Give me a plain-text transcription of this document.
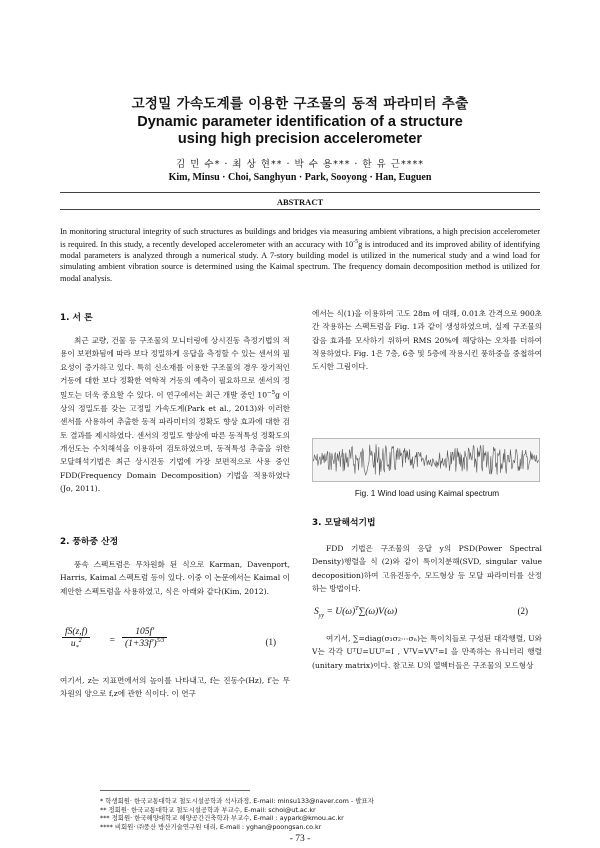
고정밀 가속도계를 이용한 구조물의 동적 파라미터 추출
Dynamic parameter identification of a structure
using high precision accelerometer
김 민 수* · 최 상 현** · 박 수 용*** · 한 유 근****
Kim, Minsu · Choi, Sanghyun · Park, Sooyong · Han, Euguen
ABSTRACT
In monitoring structural integrity of such structures as buildings and bridges via measuring ambient vibrations, a high precision accelerometer is required. In this study, a recently developed accelerometer with an accuracy with $10^{-5}g$ is introduced and its improved ability of identifying modal parameters is analyzed through a numerical study. A 7-story building model is utilized in the numerical study and a wind load for simulating ambient vibration source is determined using the Kaimal spectrum. The frequency domain decomposition method is utilized for modal analysis.
1. 서 론
최근 교량, 건물 등 구조물의 모니터링에 상시진동 측정기법의 적용이 보편화됨에 따라 보다 정밀하게 응답을 측정할 수 있는 센서의 필요성이 증가하고 있다. 특히 신소재를 이용한 구조물의 경우 장기적인 거동에 대한 보다 정확한 역학적 거동의 예측이 필요하므로 센서의 정밀도는 더욱 중요할 수 있다. 이 연구에서는 최근 개발 중인 $10^{-5}g$ 이상의 정밀도를 갖는 고정밀 가속도계(Park et al., 2013)와 이러한 센서를 사용하여 추출한 동적 파라미터의 정확도 향상 효과에 대한 검토 결과를 제시하였다. 센서의 정밀도 향상에 따른 동적특성 정확도의 개선도는 수치해석을 이용하여 검토하였으며, 동적특성 추출을 위한 모달해석기법은 최근 상시진동 기법에 가장 보편적으로 사용 중인 FDD(Frequency Domain Decomposition) 기법을 적용하였다(Jo, 2011).
2. 풍하중 산정
풍속 스펙트럼은 무차원화 된 식으로 Karman, Davenport, Harris, Kaimal 스펙트럼 등이 있다. 이중 이 논문에서는 Kaimal 이 제안한 스펙트럼을 사용하였고, 식은 아래와 같다(Kim, 2012).
$\frac{fS(z,f)}{u_*^2} = \frac{105f'}{(1+33f')^{5/3}}$	(1)
여기서, z는 지표면에서의 높이를 나타내고, f는 진동수(Hz), f′는 무차원의 양으로 f,z에 관한 식이다. 이 연구
에서는 식(1)을 이용하여 고도 28m 에 대해, 0.01초 간격으로 900초간 작용하는 스펙트럼을 Fig. 1과 같이 생성하였으며, 실제 구조물의 잡음 효과를 모사하기 위하여 RMS 20%에 해당하는 오차를 더하여 적용하였다. Fig. 1은 7층, 6층 및 5층에 작용시킨 풍하중을 중첩하여 도시한 그림이다.
Fig. 1 Wind load using Kaimal spectrum
3. 모달해석기법
FDD 기법은 구조물의 응답 y의 PSD(Power Spectral Density)행렬을 식 (2)와 같이 특이치분해(SVD, singular value decoposition)하여 고유진동수, 모드형상 등 모달 파라미터를 산정하는 방법이다.
$S_{yy} = U(\omega)^T\sum(\omega)V(\omega)$	(2)
여기서, ∑=diag(σ₁σ₂⋯σₙ)는 특이치들로 구성된 대각행렬, U와 V는 각각 UᵀU=UUᵀ=I , VᵀV=VVᵀ=I 을 만족하는 유니터리 행렬(unitary matrix)이다. 참고로 U의 열벡터들은 구조물의 모드형상
* 학생회원· 한국교통대학교 철도시설공학과 석사과정, E-mail: minsu133@naver.com - 발표자
** 정회원· 한국교통대학교 철도시설공학과 부교수, E-mail: schoi@ut.ac.kr
*** 정회원· 한국해양대학교 해양공간건축학과 부교수, E-mail : aypark@kmou.ac.kr
**** 비회원· ㈜풍산 방산기술연구원 대리, E-mail : yghan@poongsan.co.kr
- 73 -
